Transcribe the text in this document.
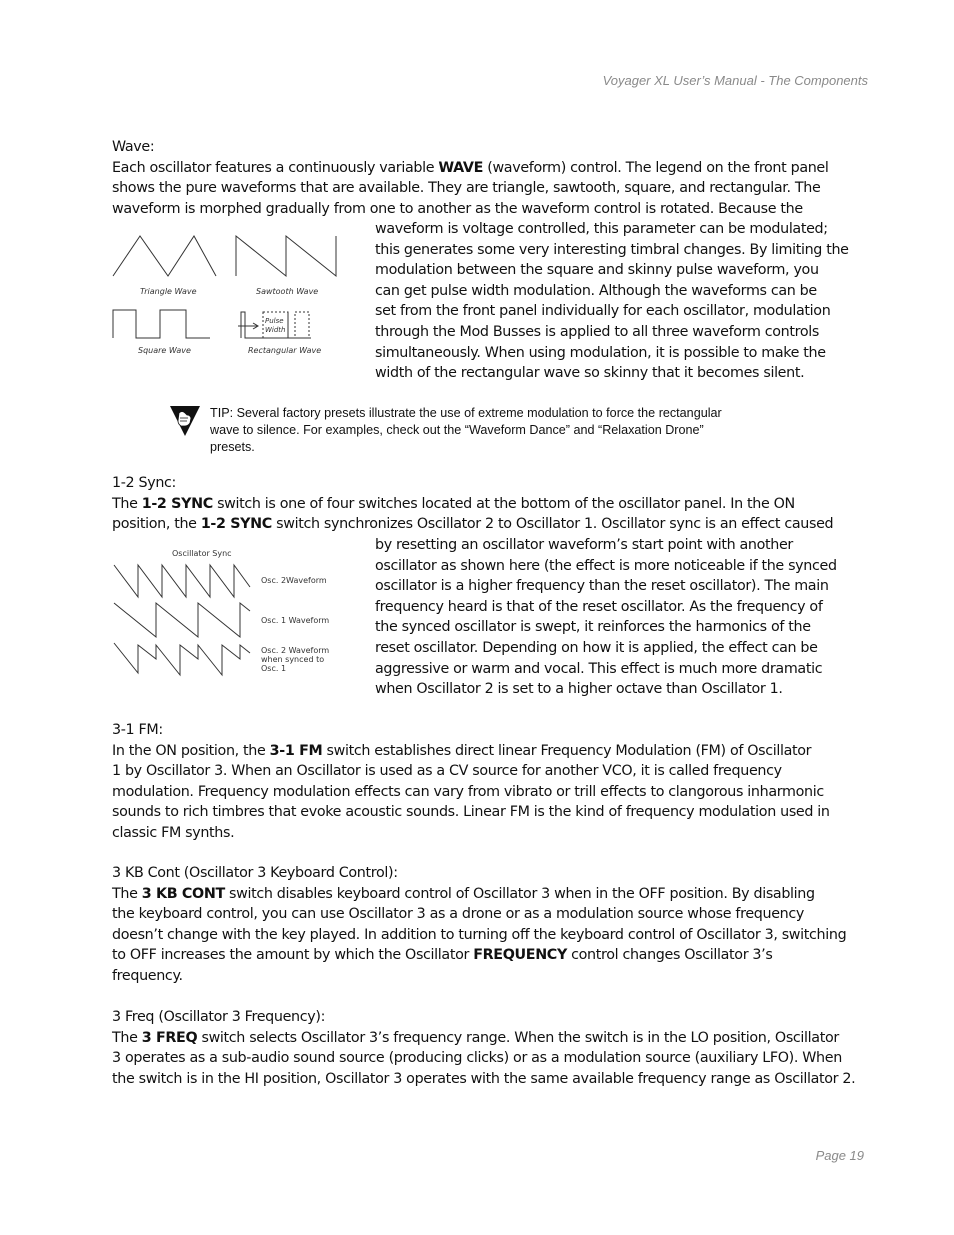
Voyager XL User’s Manual - The Components
Wave:
Each oscillator features a continuously variable WAVE (waveform) control. The legend on the front panel
shows the pure waveforms that are available. They are triangle, sawtooth, square, and rectangular. The
waveform is morphed gradually from one to another as the waveform control is rotated. Because the
waveform is voltage controlled, this parameter can be modulated;
this generates some very interesting timbral changes. By limiting the
modulation between the square and skinny pulse waveform, you
can get pulse width modulation. Although the waveforms can be
set from the front panel individually for each oscillator, modulation
through the Mod Busses is applied to all three waveform controls
simultaneously. When using modulation, it is possible to make the
width of the rectangular wave so skinny that it becomes silent.
Triangle Wave	Sawtooth Wave
Square Wave	Rectangular Wave
Pulse
Width
TIP: Several factory presets illustrate the use of extreme modulation to force the rectangular
wave to silence. For examples, check out the “Waveform Dance” and “Relaxation Drone”
presets.
1-2 Sync:
The 1-2 SYNC switch is one of four switches located at the bottom of the oscillator panel. In the ON
position, the 1-2 SYNC switch synchronizes Oscillator 2 to Oscillator 1. Oscillator sync is an effect caused
by resetting an oscillator waveform’s start point with another
oscillator as shown here (the effect is more noticeable if the synced
oscillator is a higher frequency than the reset oscillator). The main
frequency heard is that of the reset oscillator. As the frequency of
the synced oscillator is swept, it reinforces the harmonics of the
reset oscillator. Depending on how it is applied, the effect can be
aggressive or warm and vocal. This effect is much more dramatic
when Oscillator 2 is set to a higher octave than Oscillator 1.
Oscillator Sync
Osc. 2Waveform
Osc. 1 Waveform
Osc. 2 Waveform
when synced to
Osc. 1
3-1 FM:
In the ON position, the 3-1 FM switch establishes direct linear Frequency Modulation (FM) of Oscillator
1 by Oscillator 3. When an Oscillator is used as a CV source for another VCO, it is called frequency
modulation. Frequency modulation effects can vary from vibrato or trill effects to clangorous inharmonic
sounds to rich timbres that evoke acoustic sounds. Linear FM is the kind of frequency modulation used in
classic FM synths.
3 KB Cont (Oscillator 3 Keyboard Control):
The 3 KB CONT switch disables keyboard control of Oscillator 3 when in the OFF position. By disabling
the keyboard control, you can use Oscillator 3 as a drone or as a modulation source whose frequency
doesn’t change with the key played. In addition to turning off the keyboard control of Oscillator 3, switching
to OFF increases the amount by which the Oscillator FREQUENCY control changes Oscillator 3’s
frequency.
3 Freq (Oscillator 3 Frequency):
The 3 FREQ switch selects Oscillator 3’s frequency range. When the switch is in the LO position, Oscillator
3 operates as a sub-audio sound source (producing clicks) or as a modulation source (auxiliary LFO). When
the switch is in the HI position, Oscillator 3 operates with the same available frequency range as Oscillator 2.
Page 19
